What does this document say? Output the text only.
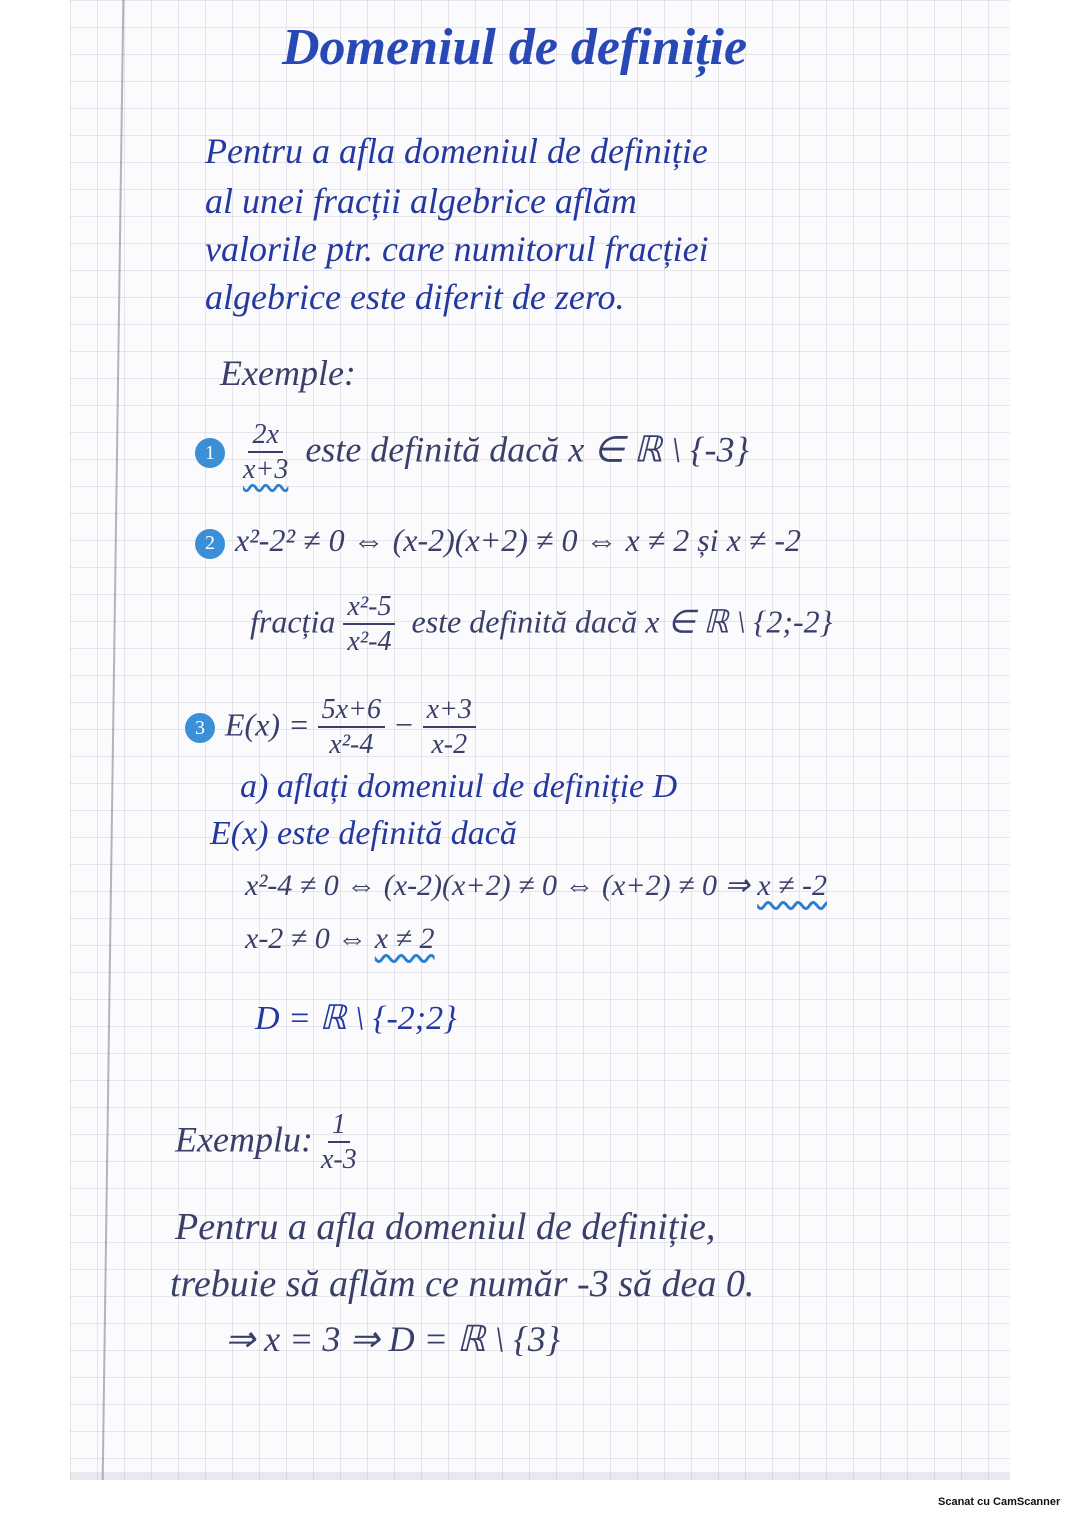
Domeniul de definiție
Pentru a afla domeniul de definiție
al unei fracții algebrice aflăm
valorile ptr. care numitorul fracției
algebrice este diferit de zero.
Exemple:
$1 \frac{2x}{x+3}$ este definită dacă x ∈ ℝ \ {-3}
2 x²-2² ≠ 0 ⇔ (x-2)(x+2) ≠ 0 ⇔ x ≠ 2 și x ≠ -2
fracția $\frac{\text{x²-5}}{\text{x²-4}}$ este definită dacă x ∈ ℝ \ {2;-2}
3 $E(x) = \frac{5x+6}{\text{x²-4}} - \frac{x+3}{x-2}$
a) aflați domeniul de definiție D
E(x) este definită dacă
x²-4 ≠ 0 ⇔ (x-2)(x+2) ≠ 0 ⇔ (x+2) ≠ 0 ⇒ x ≠ -2
x-2 ≠ 0 ⇔ x ≠ 2
D = ℝ \ {-2;2}
Exemplu: $\frac{1}{x-3}$
Pentru a afla domeniul de definiție,
trebuie să aflăm ce număr -3 să dea 0.
⇒ x = 3 ⇒ D = ℝ \ {3}
Scanat cu CamScanner
